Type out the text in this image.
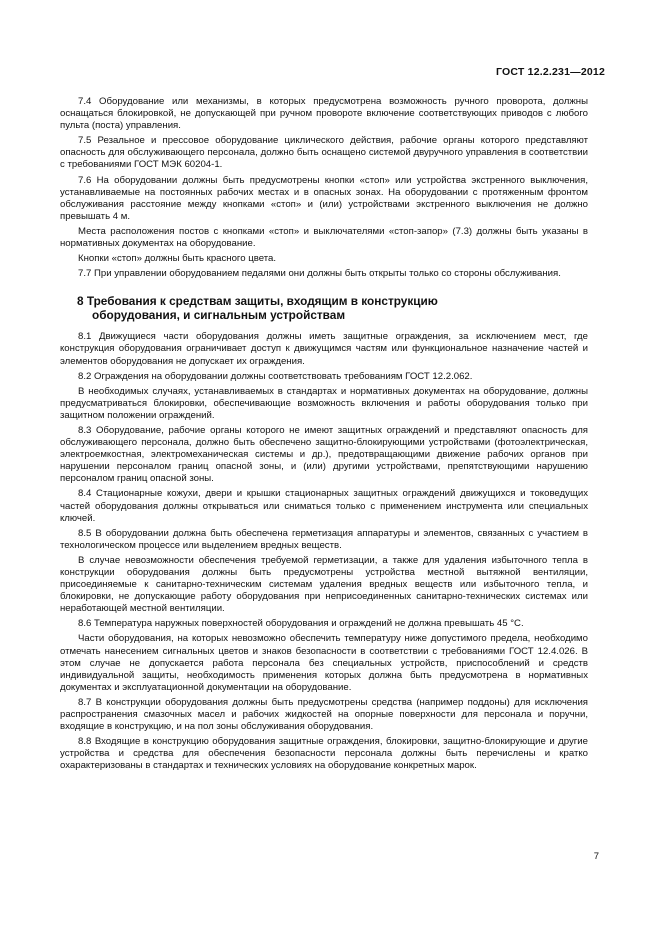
ГОСТ 12.2.231—2012

7.4 Оборудование или механизмы, в которых предусмотрена возможность ручного проворота, должны оснащаться блокировкой, не допускающей при ручном провороте включение соответствующих приводов с любого пульта (поста) управления.

7.5 Резальное и прессовое оборудование циклического действия, рабочие органы которого представляют опасность для обслуживающего персонала, должно быть оснащено системой двуручного управления в соответствии с требованиями ГОСТ МЭК 60204-1.

7.6 На оборудовании должны быть предусмотрены кнопки «стоп» или устройства экстренного выключения, устанавливаемые на постоянных рабочих местах и в опасных зонах. На оборудовании с протяженным фронтом обслуживания расстояние между кнопками «стоп» и (или) устройствами экстренного выключения не должно превышать 4 м.

Места расположения постов с кнопками «стоп» и выключателями «стоп-запор» (7.3) должны быть указаны в нормативных документах на оборудование.

Кнопки «стоп» должны быть красного цвета.

7.7 При управлении оборудованием педалями они должны быть открыты только со стороны обслуживания.

8 Требования к средствам защиты, входящим в конструкцию
оборудования, и сигнальным устройствам

8.1 Движущиеся части оборудования должны иметь защитные ограждения, за исключением мест, где конструкция оборудования ограничивает доступ к движущимся частям или функциональное назначение частей и элементов оборудования не допускает их ограждения.

8.2 Ограждения на оборудовании должны соответствовать требованиям ГОСТ 12.2.062.

В необходимых случаях, устанавливаемых в стандартах и нормативных документах на оборудование, должны предусматриваться блокировки, обеспечивающие возможность включения и работы оборудования только при защитном положении ограждений.

8.3 Оборудование, рабочие органы которого не имеют защитных ограждений и представляют опасность для обслуживающего персонала, должно быть обеспечено защитно-блокирующими устройствами (фотоэлектрическая, электроемкостная, электромеханическая системы и др.), предотвращающими движение рабочих органов при нарушении персоналом границ опасной зоны, и (или) другими устройствами, препятствующими нарушению персоналом границ опасной зоны.

8.4 Стационарные кожухи, двери и крышки стационарных защитных ограждений движущихся и токоведущих частей оборудования должны открываться или сниматься только с применением инструмента или специальных ключей.

8.5 В оборудовании должна быть обеспечена герметизация аппаратуры и элементов, связанных с участием в технологическом процессе или выделением вредных веществ.

В случае невозможности обеспечения требуемой герметизации, а также для удаления избыточного тепла в конструкции оборудования должны быть предусмотрены устройства местной вытяжной вентиляции, присоединяемые к санитарно-техническим системам удаления вредных веществ или избыточного тепла, и блокировки, не допускающие работу оборудования при неприсоединенных санитарно-технических системах или неработающей местной вентиляции.

8.6 Температура наружных поверхностей оборудования и ограждений не должна превышать 45 °С.

Части оборудования, на которых невозможно обеспечить температуру ниже допустимого предела, необходимо отмечать нанесением сигнальных цветов и знаков безопасности в соответствии с требованиями ГОСТ 12.4.026. В этом случае не допускается работа персонала без специальных устройств, приспособлений и средств индивидуальной защиты, необходимость применения которых должна быть предусмотрена в нормативных документах и эксплуатационной документации на оборудование.

8.7 В конструкции оборудования должны быть предусмотрены средства (например поддоны) для исключения распространения смазочных масел и рабочих жидкостей на опорные поверхности для персонала и поручни, входящие в конструкцию, и на пол зоны обслуживания оборудования.

8.8 Входящие в конструкцию оборудования защитные ограждения, блокировки, защитно-блокирующие и другие устройства и средства для обеспечения безопасности персонала должны быть перечислены и кратко охарактеризованы в стандартах и технических условиях на оборудование конкретных марок.

7
